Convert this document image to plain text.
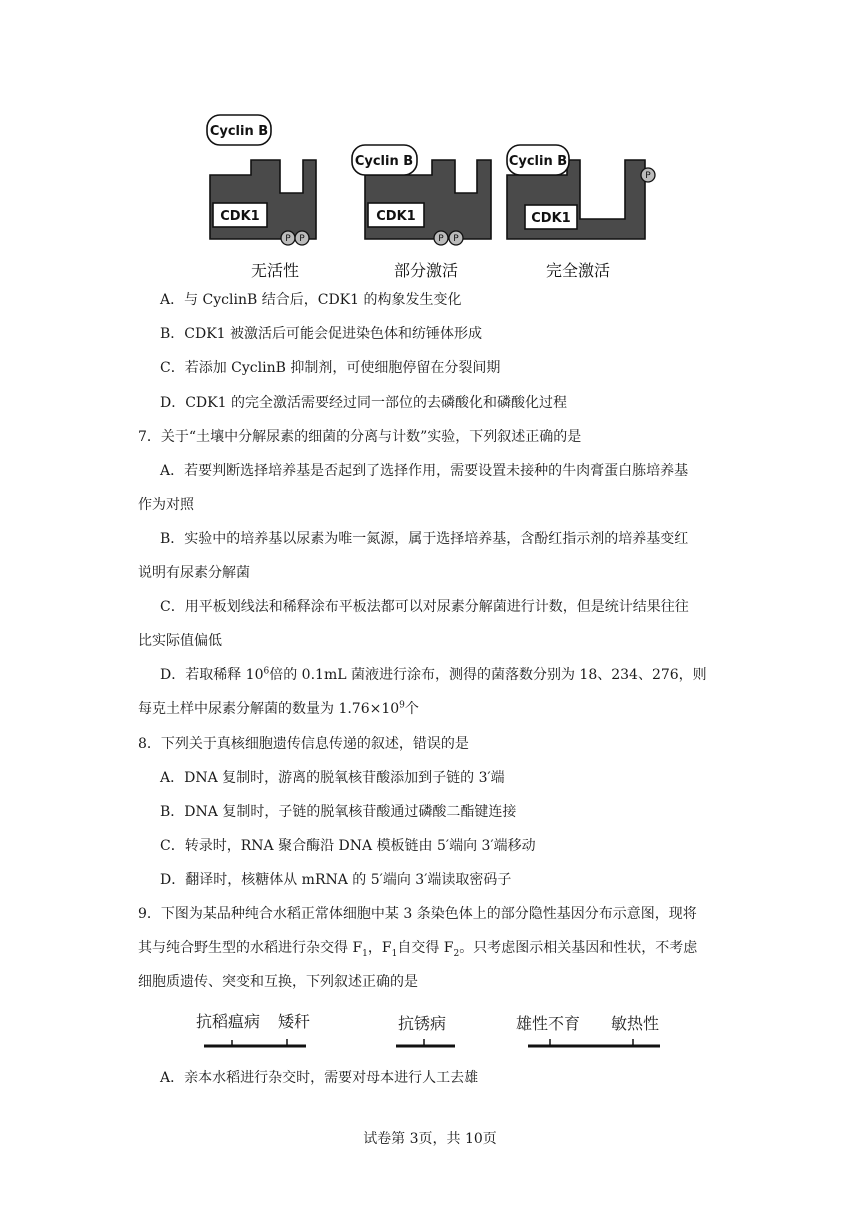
Cyclin B
Cyclin B	Cyclin B
CDK1	CDK1	CDK1
P P	P P
P
无活性	部分激活	完全激活
A．与 CyclinB 结合后，CDK1 的构象发生变化
B．CDK1 被激活后可能会促进染色体和纺锤体形成
C．若添加 CyclinB 抑制剂，可使细胞停留在分裂间期
D．CDK1 的完全激活需要经过同一部位的去磷酸化和磷酸化过程
7．关于“土壤中分解尿素的细菌的分离与计数”实验，下列叙述正确的是
A．若要判断选择培养基是否起到了选择作用，需要设置未接种的牛肉膏蛋白胨培养基
作为对照
B．实验中的培养基以尿素为唯一氮源，属于选择培养基，含酚红指示剂的培养基变红
说明有尿素分解菌
C．用平板划线法和稀释涂布平板法都可以对尿素分解菌进行计数，但是统计结果往往
比实际值偏低
D．若取稀释 $10^6$倍的 0.1mL 菌液进行涂布，测得的菌落数分别为 18、234、276，则
每克土样中尿素分解菌的数量为 $1.76\times 10^9$个
8．下列关于真核细胞遗传信息传递的叙述，错误的是
A．DNA 复制时，游离的脱氧核苷酸添加到子链的 3′端
B．DNA 复制时，子链的脱氧核苷酸通过磷酸二酯键连接
C．转录时，RNA 聚合酶沿 DNA 模板链由 5′端向 3′端移动
D．翻译时，核糖体从 mRNA 的 5′端向 3′端读取密码子
9．下图为某品种纯合水稻正常体细胞中某 3 条染色体上的部分隐性基因分布示意图，现将
其与纯合野生型的水稻进行杂交得 $F_1$，$F_1$自交得 $F_2$。只考虑图示相关基因和性状，不考虑
细胞质遗传、突变和互换，下列叙述正确的是
抗稻瘟病 矮秆	抗锈病	雄性不育 敏热性
A．亲本水稻进行杂交时，需要对母本进行人工去雄
试卷第 3页，共 10页
